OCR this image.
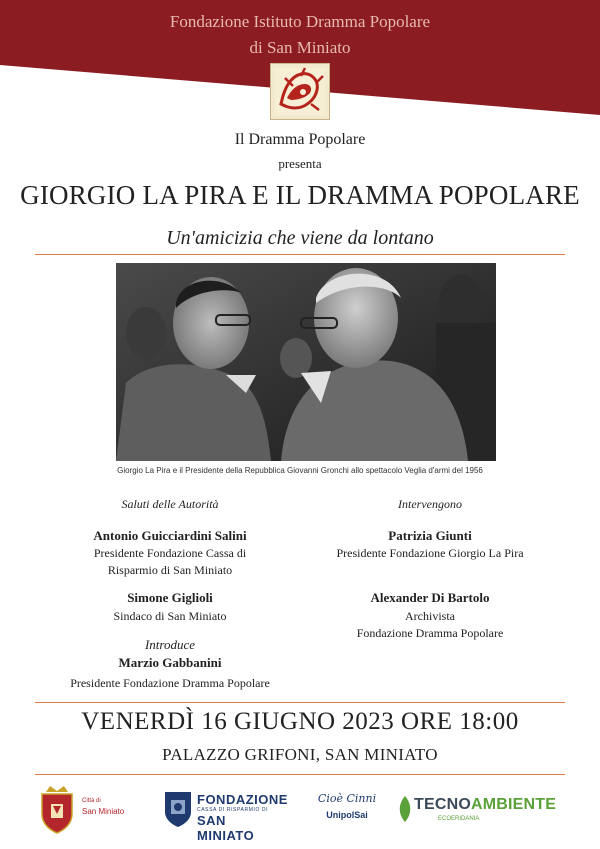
Fondazione Istituto Dramma Popolare
di San Miniato
Il Dramma Popolare
presenta
GIORGIO LA PIRA E IL DRAMMA POPOLARE
Un'amicizia che viene da lontano
Giorgio La Pira e il Presidente della Repubblica Giovanni Gronchi allo spettacolo Veglia d'armi del 1956
Saluti delle Autorità
Antonio Guicciardini Salini
Presidente Fondazione Cassa di
Risparmio di San Miniato
Simone Giglioli
Sindaco di San Miniato
Introduce
Marzio Gabbanini
Presidente Fondazione Dramma Popolare
Intervengono
Patrizia Giunti
Presidente Fondazione Giorgio La Pira
Alexander Di Bartolo
Archivista
Fondazione Dramma Popolare
VENERDÌ 16 GIUGNO 2023 ORE 18:00
PALAZZO GRIFONI, SAN MINIATO
Città di
San Miniato
FONDAZIONE
CASSA DI RISPARMIO DI
SAN MINIATO
Cioè Cinni
UnipolSai
TECNOAMBIENTE
ECOERIDANIA
